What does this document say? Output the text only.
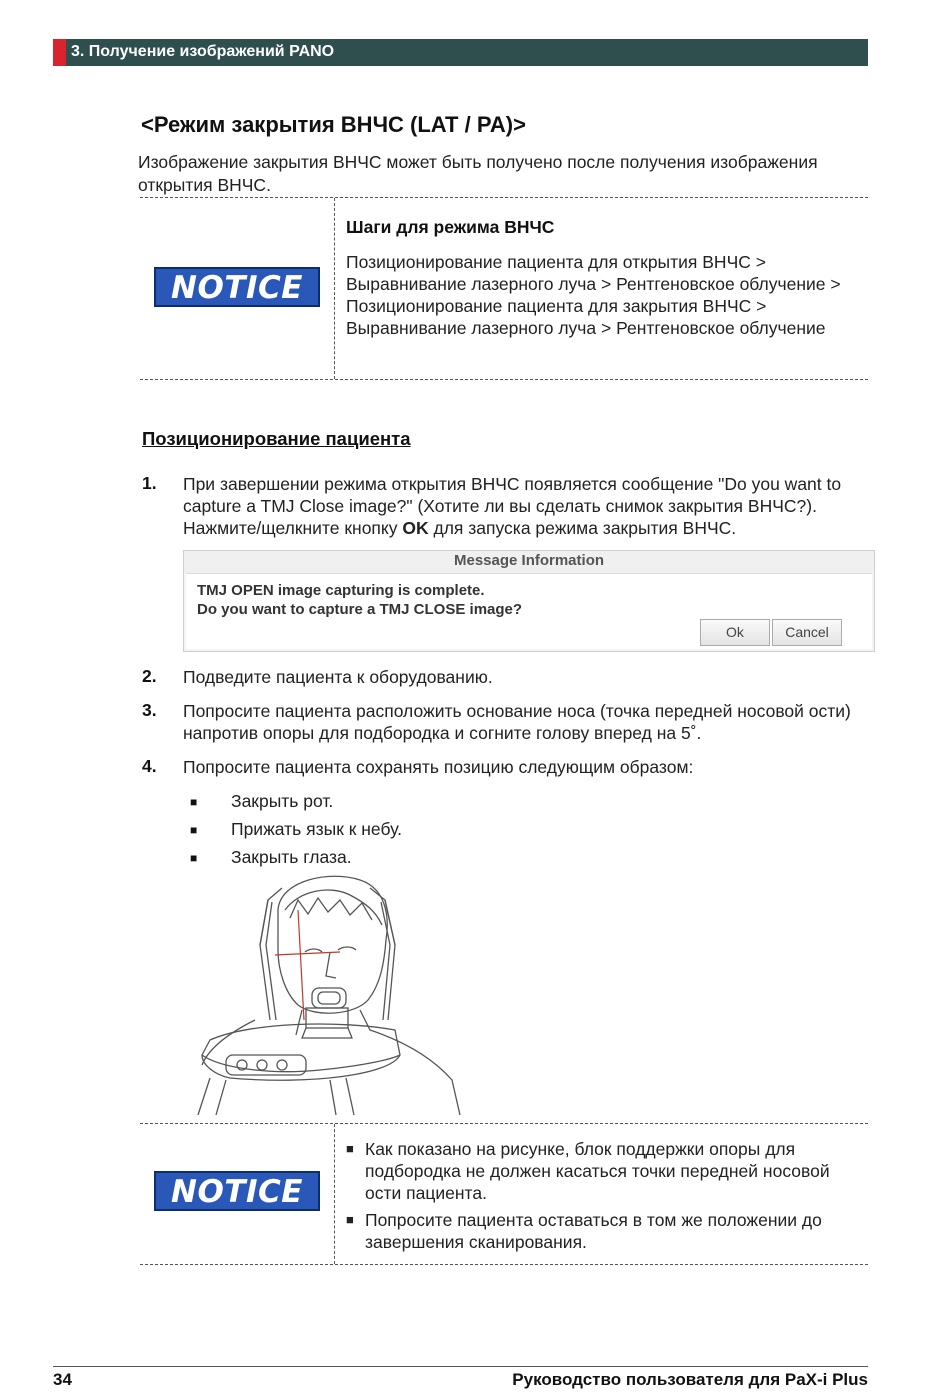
3. Получение изображений PANO
<Режим закрытия ВНЧС (LAT / PA)>
Изображение закрытия ВНЧС может быть получено после получения изображения открытия ВНЧС.
NOTICE
Шаги для режима ВНЧС
Позиционирование пациента для открытия ВНЧС > Выравнивание лазерного луча > Рентгеновское облучение > Позиционирование пациента для закрытия ВНЧС > Выравнивание лазерного луча > Рентгеновское облучение
Позиционирование пациента
1. При завершении режима открытия ВНЧС появляется сообщение "Do you want to capture a TMJ Close image?" (Хотите ли вы сделать снимок закрытия ВНЧС?). Нажмите/щелкните кнопку OK для запуска режима закрытия ВНЧС.
Message Information
TMJ OPEN image capturing is complete.
Do you want to capture a TMJ CLOSE image?
Ok	Cancel
2. Подведите пациента к оборудованию.
3. Попросите пациента расположить основание носа (точка передней носовой ости) напротив опоры для подбородка и согните голову вперед на 5˚.
4. Попросите пациента сохранять позицию следующим образом:
■ Закрыть рот.
■ Прижать язык к небу.
■ Закрыть глаза.
NOTICE
■ Как показано на рисунке, блок поддержки опоры для подбородка не должен касаться точки передней носовой ости пациента.
■ Попросите пациента оставаться в том же положении до завершения сканирования.
34	Руководство пользователя для PaX-i Plus
